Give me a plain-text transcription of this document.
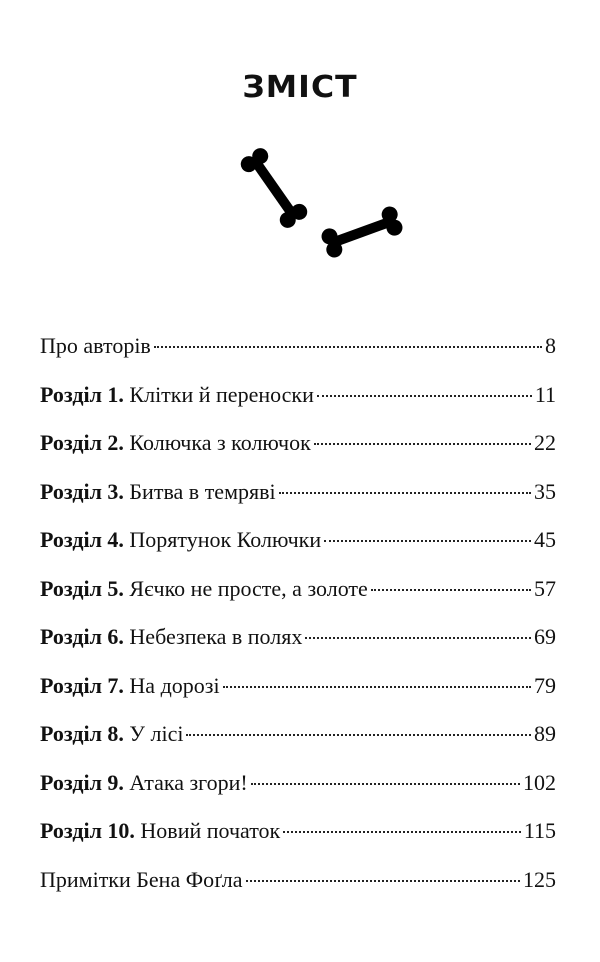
ЗМІСТ
Про авторів	8
Розділ 1. Клітки й переноски	11
Розділ 2. Колючка з колючок	22
Розділ 3. Битва в темряві	35
Розділ 4. Порятунок Колючки	45
Розділ 5. Яєчко не просте, а золоте	57
Розділ 6. Небезпека в полях	69
Розділ 7. На дорозі	79
Розділ 8. У лісі	89
Розділ 9. Атака згори!	102
Розділ 10. Новий початок	115
Примітки Бена Фоґла	125
